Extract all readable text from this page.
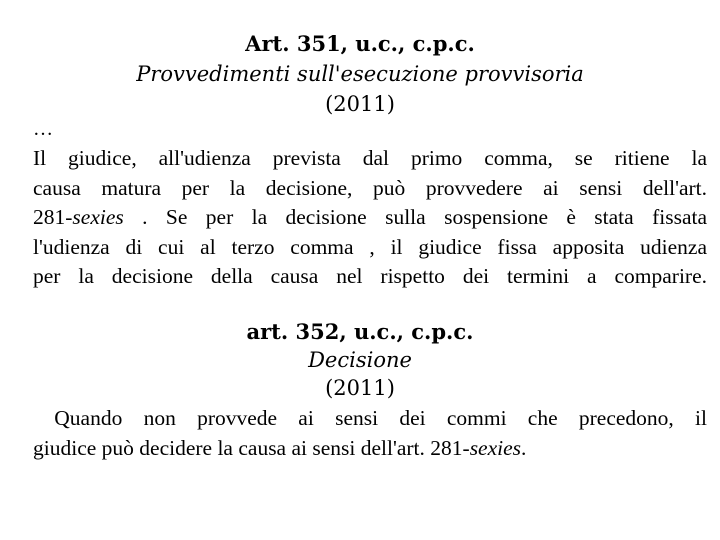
Art. 351, u.c., c.p.c.
Provvedimenti sull'esecuzione provvisoria
(2011)
…
Il giudice, all'udienza prevista dal primo comma, se ritiene la
causa matura per la decisione, può provvedere ai sensi dell'art.
281-sexies . Se per la decisione sulla sospensione è stata fissata
l'udienza di cui al terzo comma , il giudice fissa apposita udienza
per la decisione della causa nel rispetto dei termini a comparire.
art. 352, u.c., c.p.c.
Decisione
(2011)
Quando non provvede ai sensi dei commi che precedono, il
giudice può decidere la causa ai sensi dell'art. 281-sexies.
